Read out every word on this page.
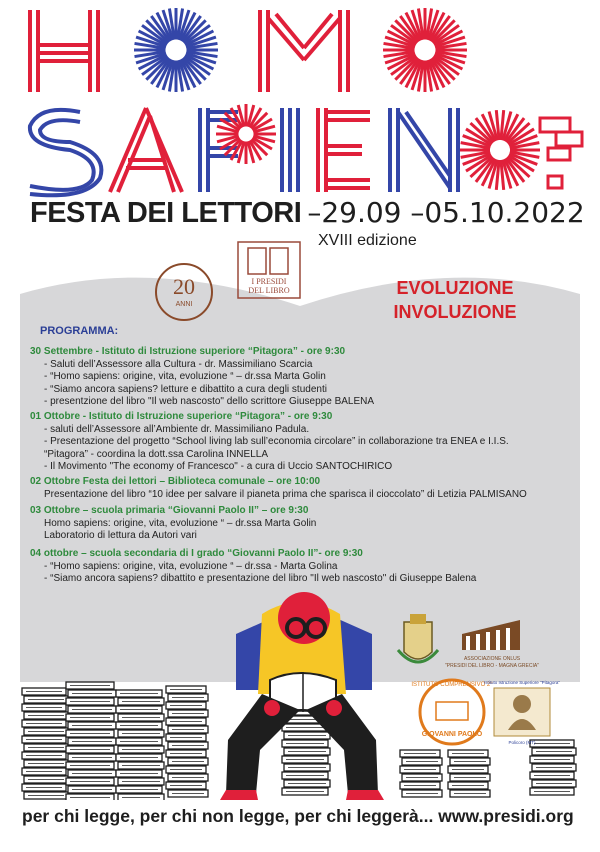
FESTA DEI LETTORI –29.09 –05.10.2022
XVIII edizione
20
ANNI
I PRESIDI
DEL LIBRO	EVOLUZIONE
INVOLUZIONE
PROGRAMMA:
30 Settembre - Istituto di Istruzione superiore “Pitagora” - ore 9:30
- Saluti dell’Assessore alla Cultura - dr. Massimiliano Scarcia
- “Homo sapiens: origine, vita, evoluzione “ – dr.ssa Marta Golin
- “Siamo ancora sapiens? letture e dibattito a cura degli studenti
- presentzione del libro "Il web nascosto" dello scrittore Giuseppe BALENA
01 Ottobre - Istituto di Istruzione superiore “Pitagora” - ore 9:30
- saluti dell’Assessore all’Ambiente dr. Massimiliano Padula.
- Presentazione del progetto “School living lab sull’economia circolare” in collaborazione tra ENEA e I.I.S.
“Pitagora” - coordina la dott.ssa Carolina INNELLA
- Il Movimento "The economy of Francesco" - a cura di Uccio SANTOCHIRICO
02 Ottobre Festa dei lettori – Biblioteca comunale – ore 10:00
Presentazione del libro “10 idee per salvare il pianeta prima che sparisca il cioccolato” di Letizia PALMISANO
03 Ottobre – scuola primaria “Giovanni Paolo II” – ore 9:30
Homo sapiens: origine, vita, evoluzione “ – dr.ssa Marta Golin
Laboratorio di lettura da Autori vari
04 ottobre – scuola secondaria di I grado “Giovanni Paolo II”- ore 9:30
- “Homo sapiens: origine, vita, evoluzione “ – dr.ssa - Marta Golina
- “Siamo ancora sapiens? dibattito e presentazione del libro "Il web nascosto" di Giuseppe Balena
ASSOCIAZIONE ONLUS
"PRESIDI DEL LIBRO - MAGNA GRECIA"
ISTITUTO COMPRENSIVO 2°
GIOVANNI PAOLO
Istituto Istruzione Superiore "Pitagora"
Policoro (MT)
per chi legge, per chi non legge, per chi leggerà... www.presidi.org
